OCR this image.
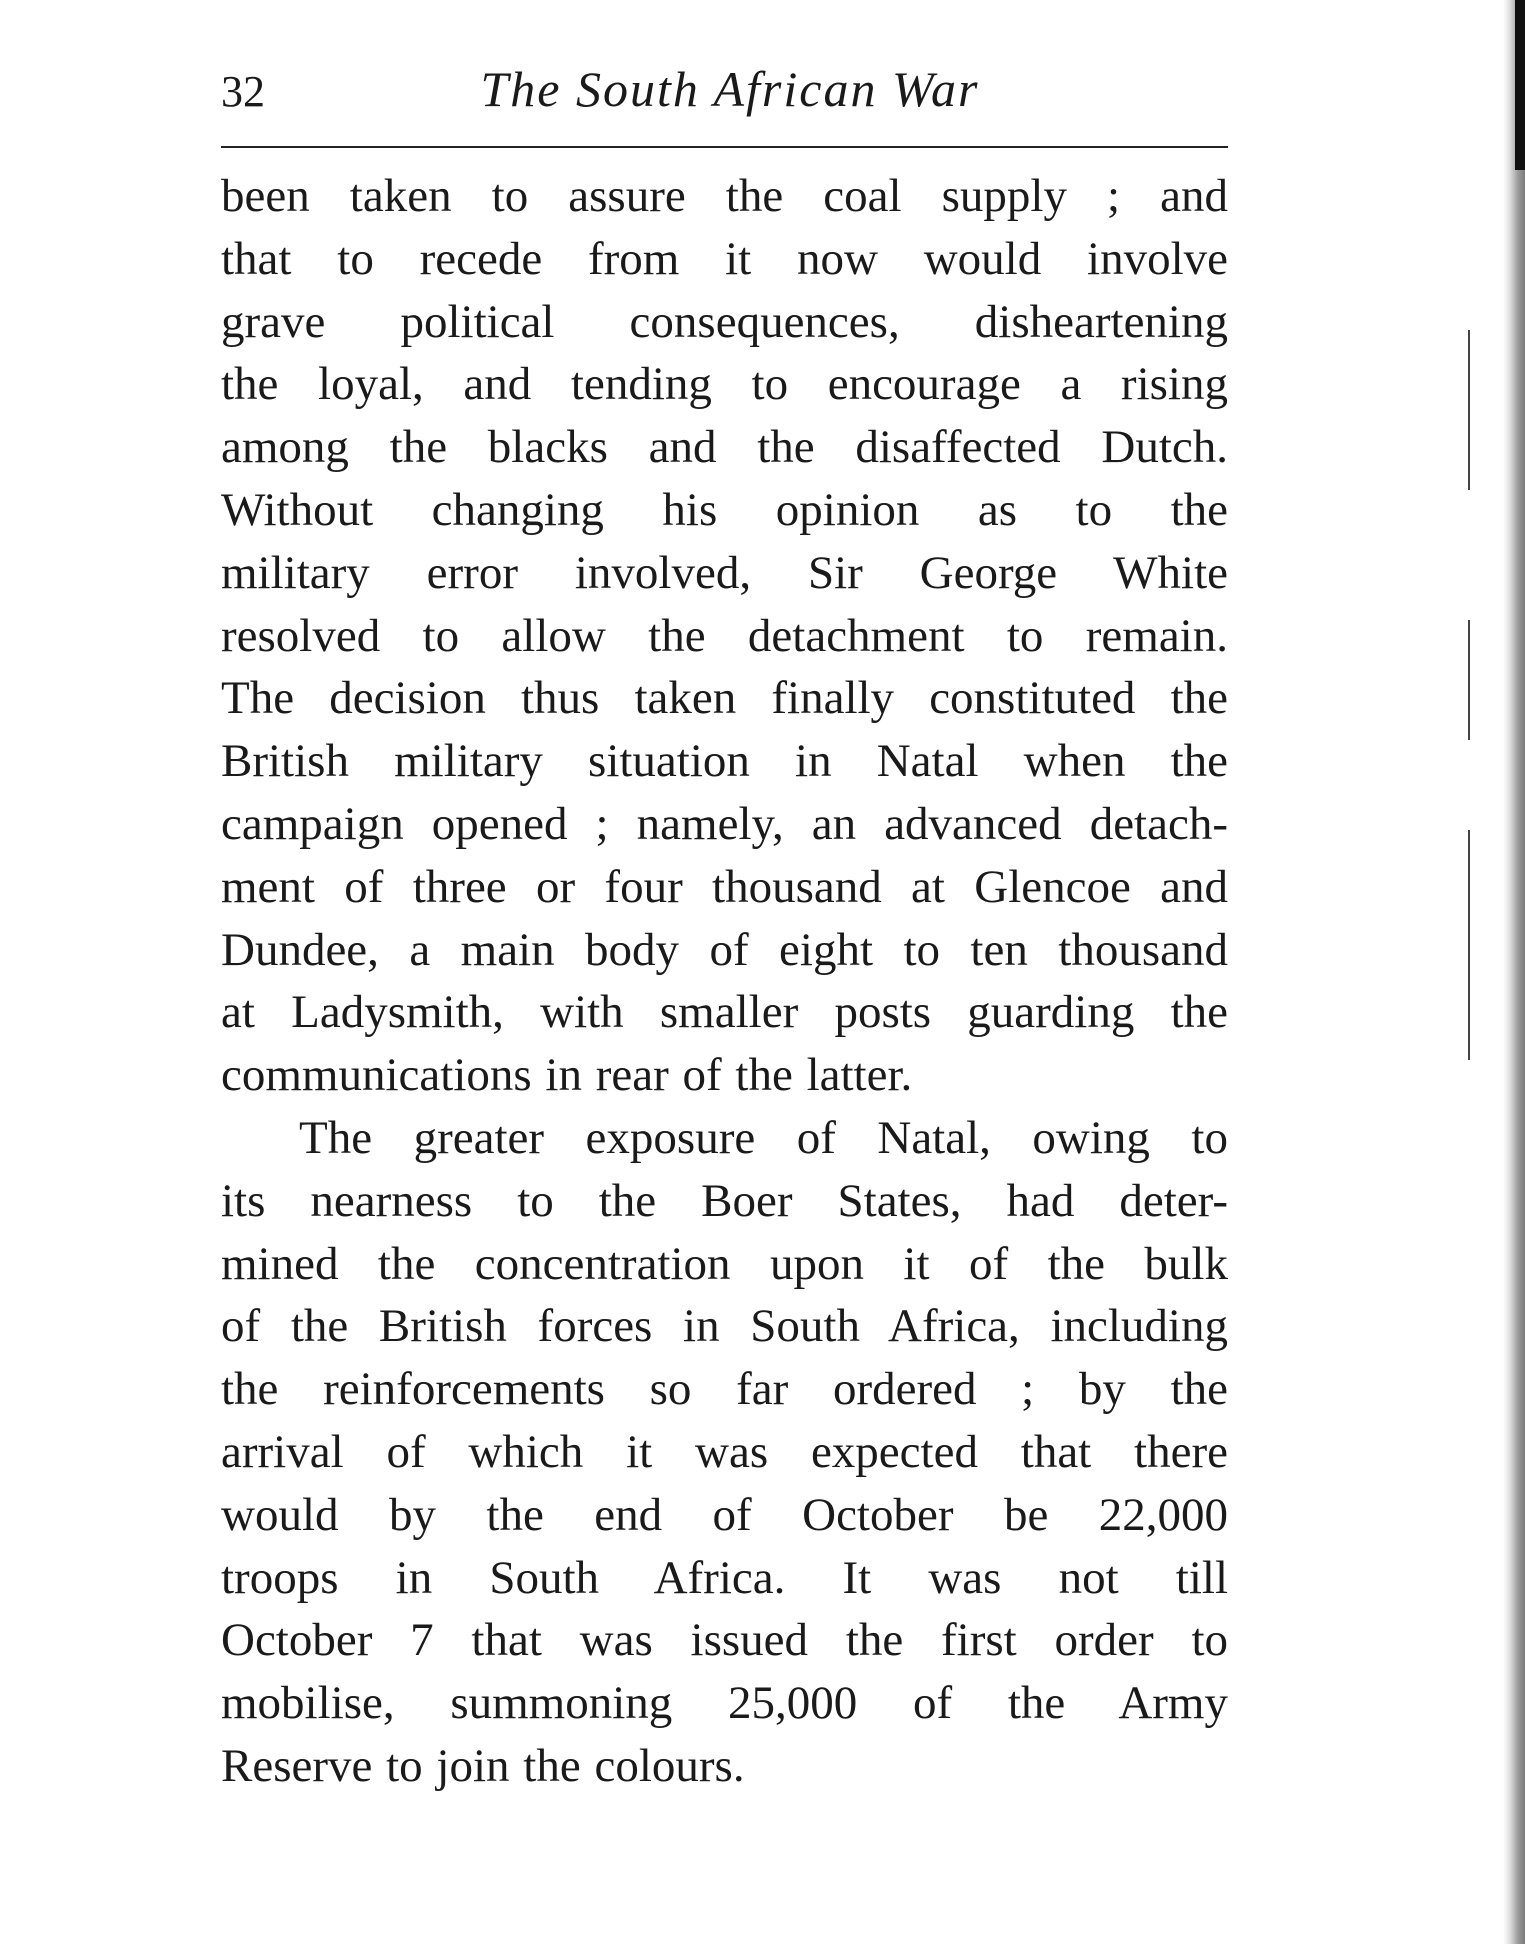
32	The South African War
been taken to assure the coal supply ; and
that to recede from it now would involve
grave political consequences, disheartening
the loyal, and tending to encourage a rising
among the blacks and the disaffected Dutch.
Without changing his opinion as to the
military error involved, Sir George White
resolved to allow the detachment to remain.
The decision thus taken finally constituted the
British military situation in Natal when the
campaign opened ; namely, an advanced detach-
ment of three or four thousand at Glencoe and
Dundee, a main body of eight to ten thousand
at Ladysmith, with smaller posts guarding the
communications in rear of the latter.
The greater exposure of Natal, owing to
its nearness to the Boer States, had deter-
mined the concentration upon it of the bulk
of the British forces in South Africa, including
the reinforcements so far ordered ; by the
arrival of which it was expected that there
would by the end of October be 22,000
troops in South Africa. It was not till
October 7 that was issued the first order to
mobilise, summoning 25,000 of the Army
Reserve to join the colours.
